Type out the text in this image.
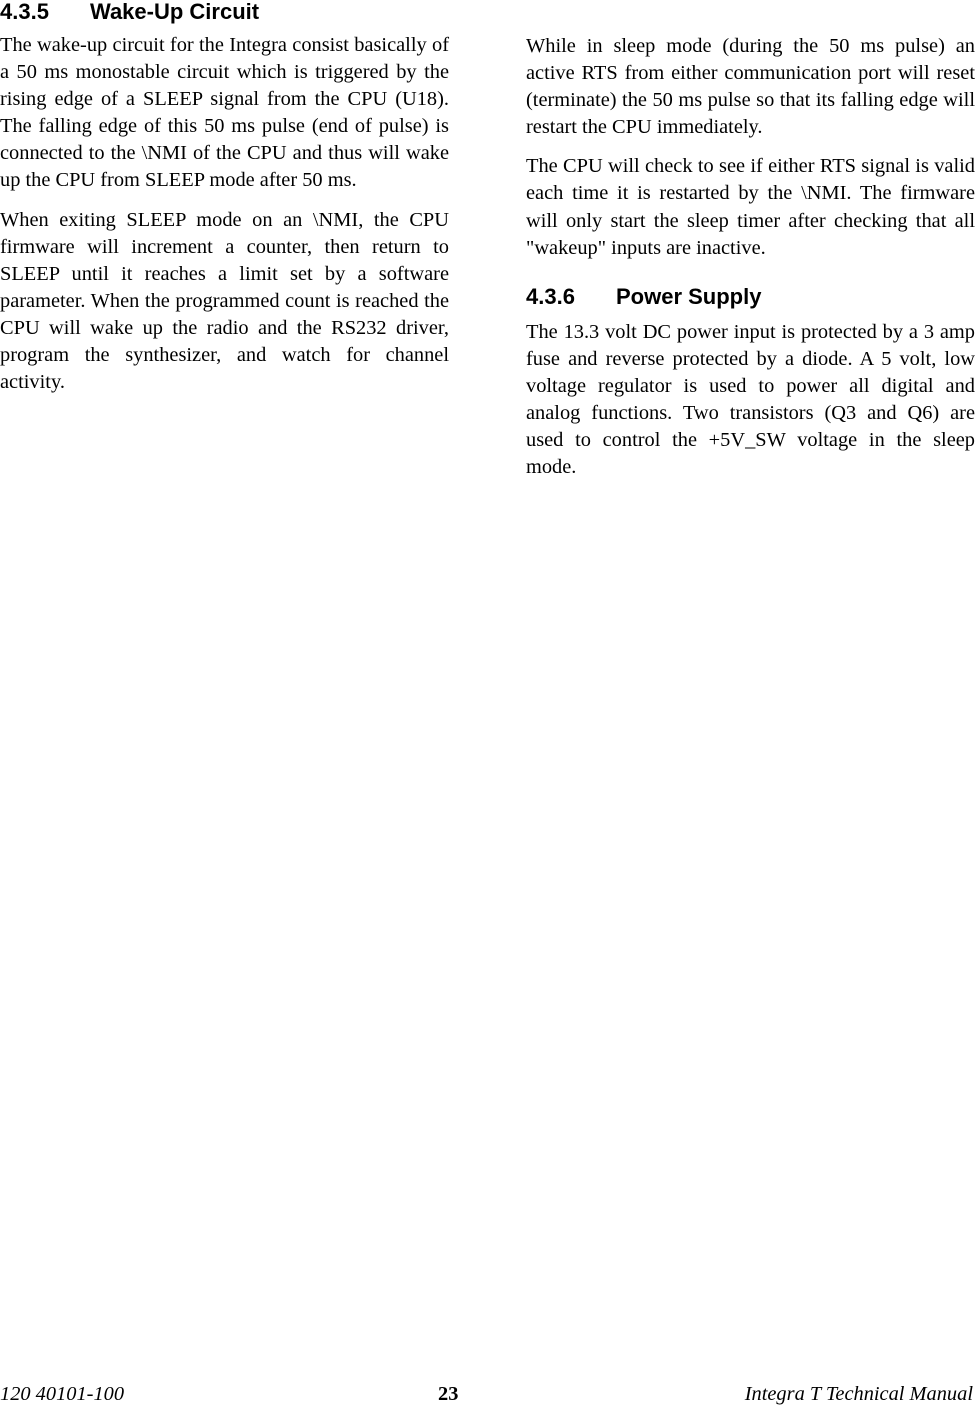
4.3.5 Wake-Up Circuit

The wake-up circuit for the Integra consist basically of a 50 ms monostable circuit which is triggered by the rising edge of a SLEEP signal from the CPU (U18). The falling edge of this 50 ms pulse (end of pulse) is connected to the \NMI of the CPU and thus will wake up the CPU from SLEEP mode after 50 ms.

When exiting SLEEP mode on an \NMI, the CPU firmware will increment a counter, then return to SLEEP until it reaches a limit set by a software parameter. When the programmed count is reached the CPU will wake up the radio and the RS232 driver, program the synthesizer, and watch for channel activity.

While in sleep mode (during the 50 ms pulse) an active RTS from either communication port will reset (terminate) the 50 ms pulse so that its falling edge will restart the CPU immediately.

The CPU will check to see if either RTS signal is valid each time it is restarted by the \NMI. The firmware will only start the sleep timer after checking that all "wakeup" inputs are inactive.

4.3.6 Power Supply

The 13.3 volt DC power input is protected by a 3 amp fuse and reverse protected by a diode. A 5 volt, low voltage regulator is used to power all digital and analog functions. Two transistors (Q3 and Q6) are used to control the +5V_SW voltage in the sleep mode.

120 40101-100	23	Integra T Technical Manual
